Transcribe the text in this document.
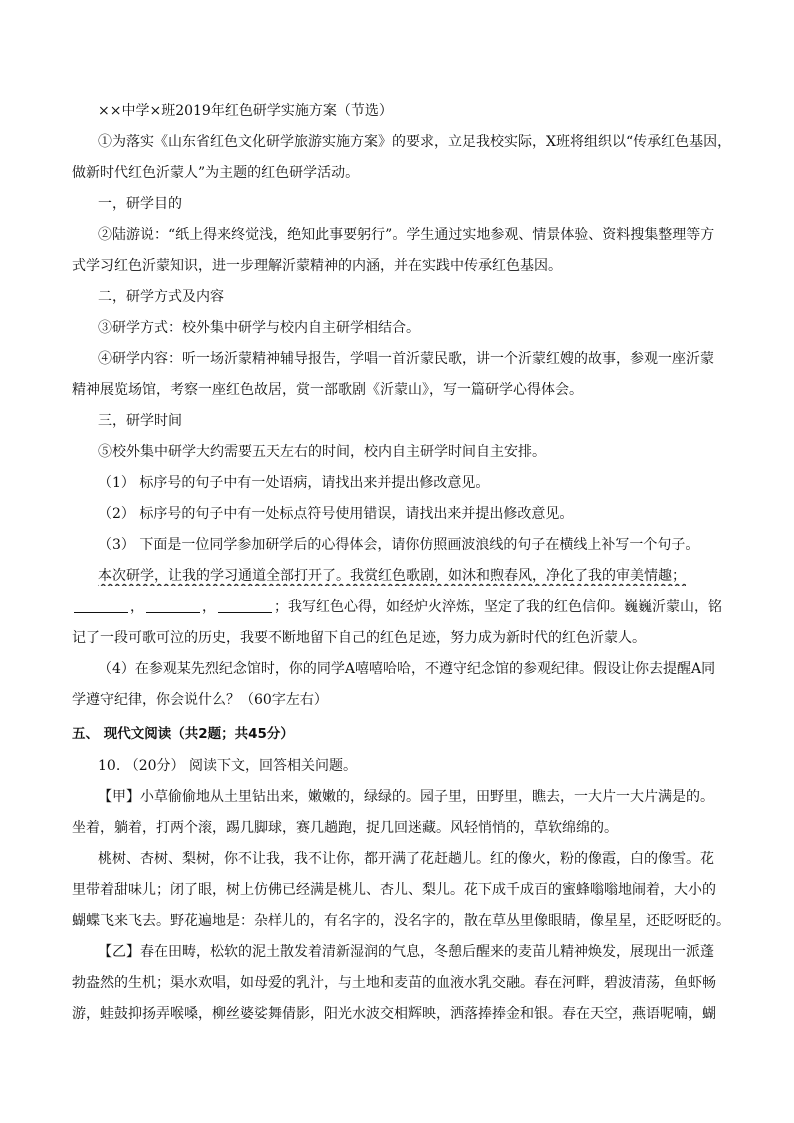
××中学×班2019年红色研学实施方案（节选）
①为落实《山东省红色文化研学旅游实施方案》的要求，立足我校实际，X班将组织以“传承红色基因，
做新时代红色沂蒙人”为主题的红色研学活动。
一，研学目的
②陆游说：“纸上得来终觉浅，绝知此事要躬行”。学生通过实地参观、情景体验、资料搜集整理等方
式学习红色沂蒙知识，进一步理解沂蒙精神的内涵，并在实践中传承红色基因。
二，研学方式及内容
③研学方式：校外集中研学与校内自主研学相结合。
④研学内容：听一场沂蒙精神辅导报告，学唱一首沂蒙民歌，讲一个沂蒙红嫂的故事，参观一座沂蒙
精神展览场馆，考察一座红色故居，赏一部歌剧《沂蒙山》，写一篇研学心得体会。
三，研学时间
⑤校外集中研学大约需要五天左右的时间，校内自主研学时间自主安排。
（1） 标序号的句子中有一处语病，请找出来并提出修改意见。
（2） 标序号的句子中有一处标点符号使用错误，请找出来并提出修改意见。
（3） 下面是一位同学参加研学后的心得体会，请你仿照画波浪线的句子在横线上补写一个句子。
本次研学，让我的学习通道全部打开了。我赏红色歌剧，如沐和煦春风，净化了我的审美情趣；
，	，	；我写红色心得，如经炉火淬炼，坚定了我的红色信仰。巍巍沂蒙山，铭
记了一段可歌可泣的历史，我要不断地留下自己的红色足迹，努力成为新时代的红色沂蒙人。
（4）在参观某先烈纪念馆时，你的同学A嘻嘻哈哈，不遵守纪念馆的参观纪律。假设让你去提醒A同
学遵守纪律，你会说什么？（60字左右）
五、 现代文阅读（共2题；共45分）
10. （20分） 阅读下文，回答相关问题。
【甲】小草偷偷地从土里钻出来，嫩嫩的，绿绿的。园子里，田野里，瞧去，一大片一大片满是的。
坐着，躺着，打两个滚，踢几脚球，赛几趟跑，捉几回迷藏。风轻悄悄的，草软绵绵的。
桃树、杏树、梨树，你不让我，我不让你，都开满了花赶趟儿。红的像火，粉的像霞，白的像雪。花
里带着甜味儿；闭了眼，树上仿佛已经满是桃儿、杏儿、梨儿。花下成千成百的蜜蜂嗡嗡地闹着，大小的
蝴蝶飞来飞去。野花遍地是：杂样儿的，有名字的，没名字的，散在草丛里像眼睛，像星星，还眨呀眨的。
【乙】春在田畴，松软的泥土散发着清新湿润的气息，冬憩后醒来的麦苗儿精神焕发，展现出一派蓬
勃盎然的生机；渠水欢唱，如母爱的乳汁，与土地和麦苗的血液水乳交融。春在河畔，碧波清荡，鱼虾畅
游，蛙鼓抑扬弄喉嗓，柳丝婆娑舞倩影，阳光水波交相辉映，洒落捧捧金和银。春在天空，燕语呢喃，蝴
